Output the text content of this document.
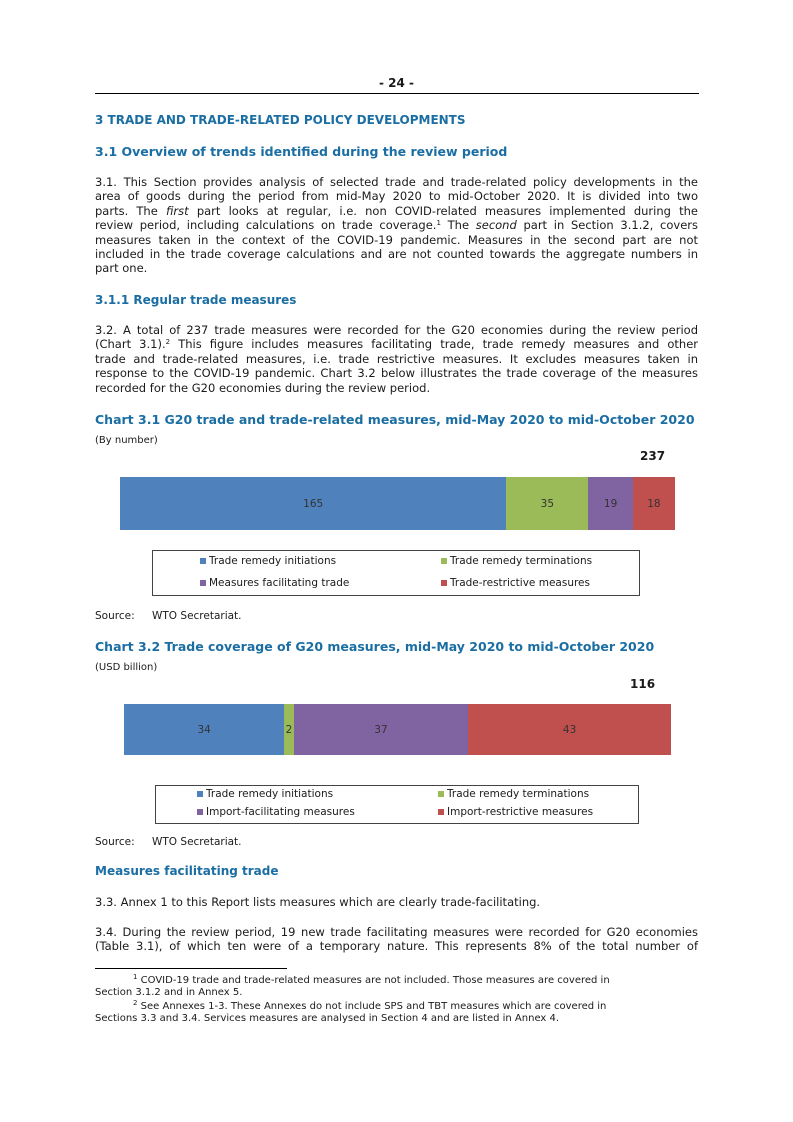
- 24 -
3 TRADE AND TRADE-RELATED POLICY DEVELOPMENTS
3.1 Overview of trends identified during the review period
3.1. This Section provides analysis of selected trade and trade-related policy developments in the
area of goods during the period from mid-May 2020 to mid-October 2020. It is divided into two
parts. The first part looks at regular, i.e. non COVID-related measures implemented during the
review period, including calculations on trade coverage.$^1$ The second part in Section 3.1.2, covers
measures taken in the context of the COVID-19 pandemic. Measures in the second part are not
included in the trade coverage calculations and are not counted towards the aggregate numbers in
part one.
3.1.1 Regular trade measures
3.2. A total of 237 trade measures were recorded for the G20 economies during the review period
(Chart 3.1).$^2$ This figure includes measures facilitating trade, trade remedy measures and other
trade and trade-related measures, i.e. trade restrictive measures. It excludes measures taken in
response to the COVID-19 pandemic. Chart 3.2 below illustrates the trade coverage of the measures
recorded for the G20 economies during the review period.
Chart 3.1 G20 trade and trade-related measures, mid-May 2020 to mid-October 2020
(By number)
237
165	35	19	18
Trade remedy initiations	Trade remedy terminations
Measures facilitating trade	Trade-restrictive measures
Source: WTO Secretariat.
Chart 3.2 Trade coverage of G20 measures, mid-May 2020 to mid-October 2020
(USD billion)
116
34	2	37	43
Trade remedy initiations	Trade remedy terminations
Import-facilitating measures	Import-restrictive measures
Source: WTO Secretariat.
Measures facilitating trade
3.3. Annex 1 to this Report lists measures which are clearly trade-facilitating.
3.4. During the review period, 19 new trade facilitating measures were recorded for G20 economies
(Table 3.1), of which ten were of a temporary nature. This represents 8% of the total number of
$^1$ COVID-19 trade and trade-related measures are not included. Those measures are covered in
Section 3.1.2 and in Annex 5.
$^2$ See Annexes 1-3. These Annexes do not include SPS and TBT measures which are covered in
Sections 3.3 and 3.4. Services measures are analysed in Section 4 and are listed in Annex 4.
